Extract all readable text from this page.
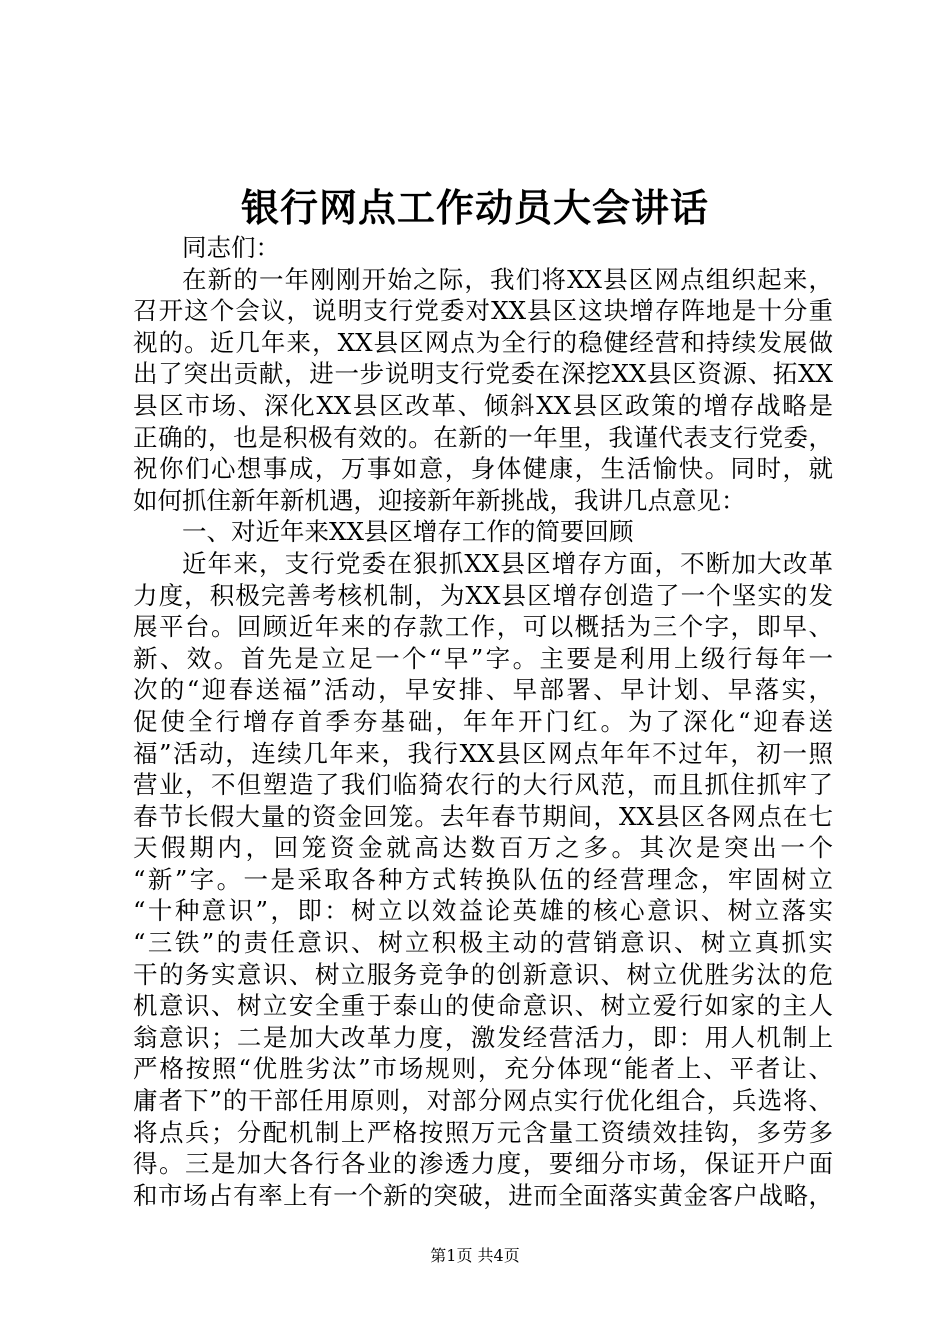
银行网点工作动员大会讲话
同志们：
在新的一年刚刚开始之际，我们将XX县区网点组织起来，
召开这个会议，说明支行党委对XX县区这块增存阵地是十分重
视的。近几年来，XX县区网点为全行的稳健经营和持续发展做
出了突出贡献，进一步说明支行党委在深挖XX县区资源、拓XX
县区市场、深化XX县区改革、倾斜XX县区政策的增存战略是
正确的，也是积极有效的。在新的一年里，我谨代表支行党委，
祝你们心想事成，万事如意，身体健康，生活愉快。同时，就
如何抓住新年新机遇，迎接新年新挑战，我讲几点意见：
一、对近年来XX县区增存工作的简要回顾
近年来，支行党委在狠抓XX县区增存方面，不断加大改革
力度，积极完善考核机制，为XX县区增存创造了一个坚实的发
展平台。回顾近年来的存款工作，可以概括为三个字，即早、
新、效。首先是立足一个“早”字。主要是利用上级行每年一
次的“迎春送福”活动，早安排、早部署、早计划、早落实，
促使全行增存首季夯基础，年年开门红。为了深化“迎春送
福”活动，连续几年来，我行XX县区网点年年不过年，初一照
营业，不但塑造了我们临猗农行的大行风范，而且抓住抓牢了
春节长假大量的资金回笼。去年春节期间，XX县区各网点在七
天假期内，回笼资金就高达数百万之多。其次是突出一个
“新”字。一是采取各种方式转换队伍的经营理念，牢固树立
“十种意识”，即：树立以效益论英雄的核心意识、树立落实
“三铁”的责任意识、树立积极主动的营销意识、树立真抓实
干的务实意识、树立服务竞争的创新意识、树立优胜劣汰的危
机意识、树立安全重于泰山的使命意识、树立爱行如家的主人
翁意识；二是加大改革力度，激发经营活力，即：用人机制上
严格按照“优胜劣汰”市场规则，充分体现“能者上、平者让、
庸者下”的干部任用原则，对部分网点实行优化组合，兵选将、
将点兵；分配机制上严格按照万元含量工资绩效挂钩，多劳多
得。三是加大各行各业的渗透力度，要细分市场，保证开户面
和市场占有率上有一个新的突破，进而全面落实黄金客户战略，
第1页 共4页
